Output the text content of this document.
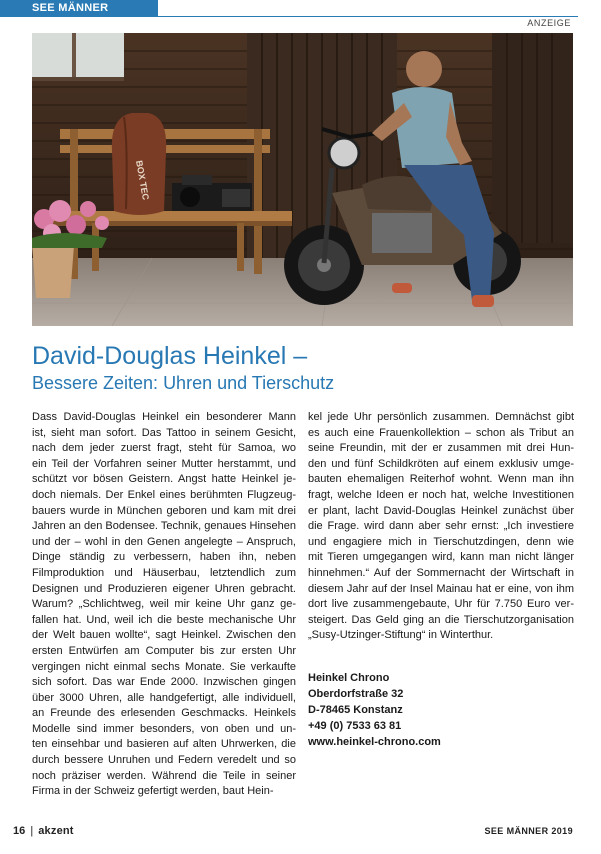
SEE MÄNNER
ANZEIGE
BOX TEC
David-Douglas Heinkel –
Bessere Zeiten: Uhren und Tierschutz
Dass David-Douglas Heinkel ein besonderer Mann
ist, sieht man sofort. Das Tattoo in seinem Gesicht,
nach dem jeder zuerst fragt, steht für Samoa, wo
ein Teil der Vorfahren seiner Mutter herstammt, und
schützt vor bösen Geistern. Angst hatte Heinkel je-
doch niemals. Der Enkel eines berühmten Flugzeug-
bauers wurde in München geboren und kam mit drei
Jahren an den Bodensee. Technik, genaues Hinsehen
und der – wohl in den Genen angelegte – Anspruch,
Dinge ständig zu verbessern, haben ihn, neben
Filmproduktion und Häuserbau, letztendlich zum
Designen und Produzieren eigener Uhren gebracht.
Warum? „Schlichtweg, weil mir keine Uhr ganz ge-
fallen hat. Und, weil ich die beste mechanische Uhr
der Welt bauen wollte“, sagt Heinkel. Zwischen den
ersten Entwürfen am Computer bis zur ersten Uhr
vergingen nicht einmal sechs Monate. Sie verkaufte
sich sofort. Das war Ende 2000. Inzwischen gingen
über 3000 Uhren, alle handgefertigt, alle individuell,
an Freunde des erlesenden Geschmacks. Heinkels
Modelle sind immer besonders, von oben und un-
ten einsehbar und basieren auf alten Uhrwerken, die
durch bessere Unruhen und Federn veredelt und so
noch präziser werden. Während die Teile in seiner
Firma in der Schweiz gefertigt werden, baut Hein-
kel jede Uhr persönlich zusammen. Demnächst gibt
es auch eine Frauenkollektion – schon als Tribut an
seine Freundin, mit der er zusammen mit drei Hun-
den und fünf Schildkröten auf einem exklusiv umge-
bauten ehemaligen Reiterhof wohnt. Wenn man ihn
fragt, welche Ideen er noch hat, welche Investitionen
er plant, lacht David-Douglas Heinkel zunächst über
die Frage. wird dann aber sehr ernst: „Ich investiere
und engagiere mich in Tierschutzdingen, denn wie
mit Tieren umgegangen wird, kann man nicht länger
hinnehmen.“ Auf der Sommernacht der Wirtschaft in
diesem Jahr auf der Insel Mainau hat er eine, von ihm
dort live zusammengebaute, Uhr für 7.750 Euro ver-
steigert. Das Geld ging an die Tierschutzorganisation
„Susy-Utzinger-Stiftung“ in Winterthur.
Heinkel Chrono
Oberdorfstraße 32
D-78465 Konstanz
+49 (0) 7533 63 81
www.heinkel-chrono.com
16 | akzent	SEE MÄNNER 2019
